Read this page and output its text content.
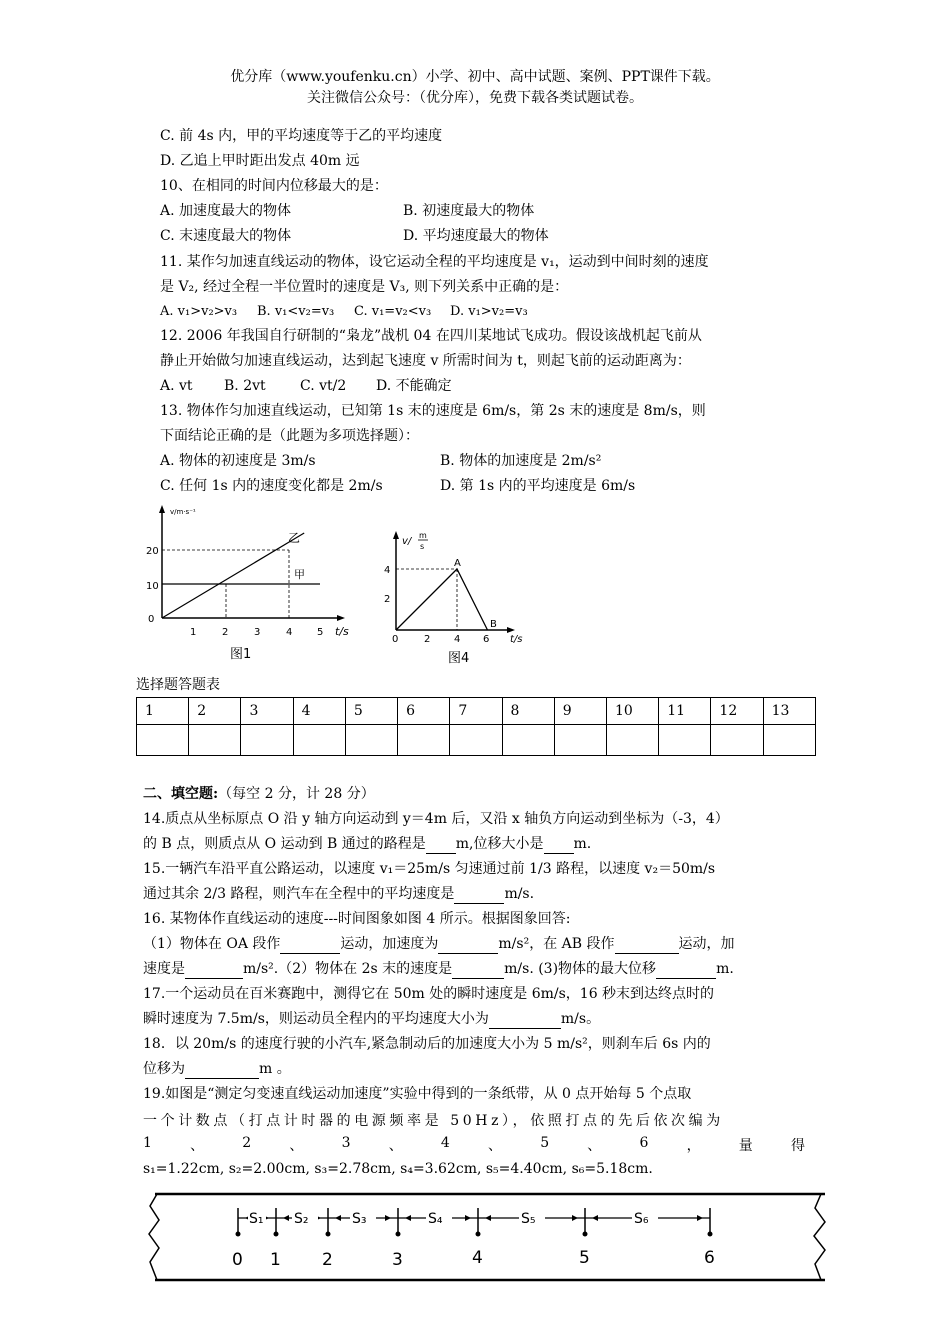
优分库（www.youfenku.cn）小学、初中、高中试题、案例、PPT课件下载。
关注微信公众号：（优分库），免费下载各类试题试卷。
C. 前 4s 内，甲的平均速度等于乙的平均速度
D. 乙追上甲时距出发点 40m 远
10、在相同的时间内位移最大的是：
A. 加速度最大的物体	B. 初速度最大的物体
C. 末速度最大的物体	D. 平均速度最大的物体
11. 某作匀加速直线运动的物体，设它运动全程的平均速度是 v₁，运动到中间时刻的速度
是 V₂, 经过全程一半位置时的速度是 V₃, 则下列关系中正确的是：
A. v₁>v₂>v₃ B. v₁<v₂=v₃ C. v₁=v₂<v₃ D. v₁>v₂=v₃
12. 2006 年我国自行研制的“枭龙”战机 04 在四川某地试飞成功。假设该战机起飞前从
静止开始做匀加速直线运动，达到起飞速度 v 所需时间为 t，则起飞前的运动距离为：
A. vt B. 2vt C. vt/2 D. 不能确定
13. 物体作匀加速直线运动，已知第 1s 末的速度是 6m/s，第 2s 末的速度是 8m/s，则
下面结论正确的是（此题为多项选择题）：
A. 物体的初速度是 3m/s	B. 物体的加速度是 2m/s²
C. 任何 1s 内的速度变化都是 2m/s	D. 第 1s 内的平均速度是 6m/s
v/m·s⁻¹
t/s
0
10
20
1	2	3	4 5
乙
甲
图1
v/
m
s
4
2
0	2 4 6 t/s
A
B
图4
选择题答题表
1	2	3	4	5	6	7	8	9	10	11	12	13

二、填空题:（每空 2 分，计 28 分）
14.质点从坐标原点 O 沿 y 轴方向运动到 y＝4m 后，又沿 x 轴负方向运动到坐标为（-3，4）
的 B 点，则质点从 O 运动到 B 通过的路程是 m,位移大小是 m.
15.一辆汽车沿平直公路运动，以速度 v₁＝25m/s 匀速通过前 1/3 路程，以速度 v₂＝50m/s
通过其余 2/3 路程，则汽车在全程中的平均速度是	m/s.
16. 某物体作直线运动的速度---时间图象如图 4 所示。根据图象回答:
（1）物体在 OA 段作	运动，加速度为	m/s²，在 AB 段作	运动，加
速度是	m/s².（2）物体在 2s 末的速度是	m/s. (3)物体的最大位移	m.
17.一个运动员在百米赛跑中，测得它在 50m 处的瞬时速度是 6m/s，16 秒末到达终点时的
瞬时速度为 7.5m/s，则运动员全程内的平均速度大小为	m/s。
18．以 20m/s 的速度行驶的小汽车,紧急制动后的加速度大小为 5 m/s²，则刹车后 6s 内的
位移为	m 。
19.如图是“测定匀变速直线运动加速度”实验中得到的一条纸带，从 0 点开始每 5 个点取
一个计数点（打点计时器的电源频率是 50Hz），依照打点的先后依次编为
1	、	2	、	3	、	4	、	5	、	6	，	量	得
s₁=1.22cm, s₂=2.00cm, s₃=2.78cm, s₄=3.62cm, s₅=4.40cm, s₆=5.18cm.
S₁ S₂	S₃	S₄	S₅	S₆
0 1 2	3	4	5	6
